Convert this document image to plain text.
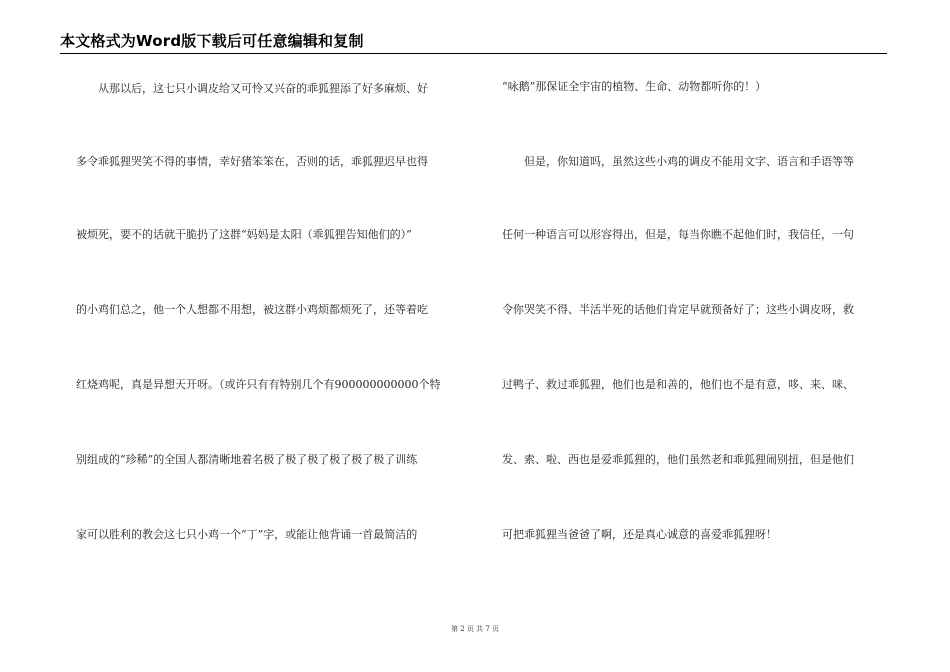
本文格式为Word版下载后可任意编辑和复制
　　从那以后，这七只小调皮给又可怜又兴奋的乖狐狸添了好多麻烦、好
多令乖狐狸哭笑不得的事情，幸好猪笨笨在，否则的话，乖狐狸迟早也得
被烦死，要不的话就干脆扔了这群“妈妈是太阳（乖狐狸告知他们的）”
的小鸡们总之，他一个人想都不用想，被这群小鸡烦都烦死了，还等着吃
红烧鸡呢，真是异想天开呀。（或许只有有特别几个有900000000000个特
别组成的“珍稀”的全国人都清晰地着名极了极了极了极了极了极了训练
家可以胜利的教会这七只小鸡一个“丁”字，或能让他背诵一首最简洁的
“咏鹅”那保证全宇宙的植物、生命、动物都听你的！）
　　但是，你知道吗，虽然这些小鸡的调皮不能用文字、语言和手语等等
任何一种语言可以形容得出，但是，每当你瞧不起他们时，我信任，一句
令你哭笑不得、半活半死的话他们肯定早就预备好了；这些小调皮呀，救
过鸭子、救过乖狐狸，他们也是和善的，他们也不是有意，哆、来、咪、
发、索、啦、西也是爱乖狐狸的，他们虽然老和乖狐狸闹别扭，但是他们
可把乖狐狸当爸爸了啊，还是真心诚意的喜爱乖狐狸呀！
第 2 页 共 7 页
